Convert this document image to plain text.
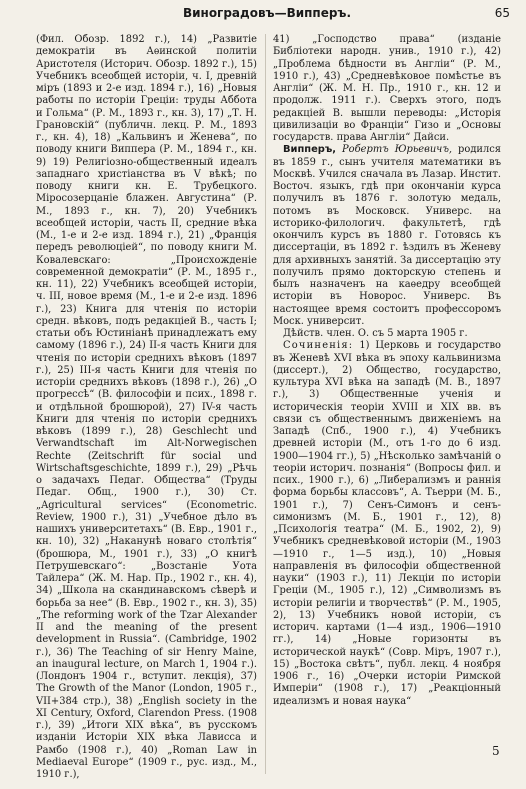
Виноградовъ—Випперъ.	65

(Фил. Обозр. 1892 г.), 14) „Развитiе демократiи въ Аѳинской политiи Аристотеля (Историч. Обозр. 1892 г.), 15) Учебникъ всеобщей исторiи, ч. I, древнiй мiръ (1893 и 2-е изд. 1894 г.), 16) „Новыя работы по исторiи Грецiи: труды Аббота и Гольма“ (Р. М., 1893 г., кн. 3), 17) „Т. Н. Грановскiй“ (публичн. лекц. Р. М., 1893 г., кн. 4), 18) „Кальвинъ и Женева“, по поводу книги Виппера (Р. М., 1894 г., кн. 9) 19) Религiозно-общественный идеалъ западнаго христiанства въ V вѣкѣ; по поводу книги кн. Е. Трубецкого. Мiросозерцанiе блажен. Августина“ (Р. М., 1893 г., кн. 7), 20) Учебникъ всеобщей исторiи, часть II, средние вѣка (М., 1-е и 2-е изд. 1894 г.), 21) „Франція передъ революцiей“, по поводу книги М. Ковалевскаго: „Происхожденiе современной демократiи“ (Р. М., 1895 г., кн. 11), 22) Учебникъ всеобщей исторiи, ч. III, новое время (М., 1-е и 2-е изд. 1896 г.), 23) Книга для чтенiя по исторiи средн. вѣковъ, подъ редакцiей В., часть I; статьи объ Юстинiанѣ принадлежатъ ему самому (1896 г.), 24) II-я часть Книги для чтенiя по исторiи среднихъ вѣковъ (1897 г.), 25) III-я часть Книги для чтенiя по исторiи среднихъ вѣковъ (1898 г.), 26) „О прогрессѣ“ (В. философiи и псих., 1898 г. и отдѣльной брошюрой), 27) IV-я часть Книги для чтенiя по исторiи среднихъ вѣковъ (1899 г.), 28) Geschlecht und Verwandtschaft im Alt-Norwegischen Rechte (Zeitschrift für social und Wirtschaftsgeschichte, 1899 г.), 29) „Рѣчь о задачахъ Педаг. Общества“ (Труды Педаг. Общ., 1900 г.), 30) Ст. „Agricultural services“ (Econometric. Review, 1900 г.), 31) „Учебное дѣло въ нашихъ университетахъ“ (В. Евр., 1901 г., кн. 10), 32) „Наканунѣ новаго столѣтiя“ (брошюра, М., 1901 г.), 33) „О книгѣ Петрушевскаго“: „Возстанiе Уота Тайлера“ (Ж. М. Нар. Пр., 1902 г., кн. 4), 34) „Школа на скандинавскомъ сѣверѣ и борьба за нее“ (В. Евр., 1902 г., кн. 3), 35) „The reforming work of the Tzar Alexander II and the meaning of the present development in Russia“. (Cambridge, 1902 г.), 36) The Teaching of sir Henry Maine, an inaugural lecture, on March 1, 1904 г.). (Лондонъ 1904 г., вступит. лекцiя), 37) The Growth of the Manor (London, 1905 г., VII+384 стр.), 38) „English society in the XI Century, Oxford, Clarendon Press. (1908 г.), 39) „Итоги XIX вѣка“, въ русскомъ изданiи Исторiи XIX вѣка Лависса и Рамбо (1908 г.), 40) „Roman Law in Mediaeval Europe“ (1909 г., рус. изд., М., 1910 г.),

41) „Господство права“ (изданiе Библiотеки народн. унив., 1910 г.), 42) „Проблема бѣдности въ Англiи“ (Р. М., 1910 г.), 43) „Средневѣковое помѣстье въ Англiи“ (Ж. М. Н. Пр., 1910 г., кн. 12 и продолж. 1911 г.). Сверхъ этого, подъ редакцiей В. вышли переводы: „Исторiя цивилизацiи во Францiи“ Гизо и „Основы государств. права Англiи“ Дайси.

Випперъ, Робертъ Юрьевичъ, родился въ 1859 г., сынъ учителя математики въ Москвѣ. Учился сначала въ Лазар. Инстит. Восточ. языкъ, гдѣ при окончанiи курса получилъ въ 1876 г. золотую медаль, потомъ въ Московск. Универс. на историко-филологич. факультетѣ, гдѣ окончилъ курсъ въ 1880 г. Готовясь къ диссертацiи, въ 1892 г. ѣздилъ въ Женеву для архивныхъ занятiй. За диссертацiю эту получилъ прямо докторскую степень и былъ назначенъ на каѳедру всеобщей исторiи въ Новорос. Универс. Въ настоящее время состоитъ профессоромъ Моск. университ.

Дѣйств. член. О. съ 5 марта 1905 г.

Сочиненiя: 1) Церковь и государство въ Женевѣ XVI вѣка въ эпоху кальвинизма (диссерт.), 2) Общество, государство, культура XVI вѣка на западѣ (М. В., 1897 г.), 3) Общественные ученiя и историческiя теорiи XVIII и XIX вв. въ связи съ общественнымъ движенiемъ на Западѣ (Спб., 1900 г.), 4) Учебникъ древней исторiи (М., отъ 1-го до 6 изд. 1900—1904 гг.), 5) „Нѣсколько замѣчанiй о теорiи историч. познанiя“ (Вопросы фил. и псих., 1900 г.), 6) „Либерализмъ и раннiя форма борьбы классовъ“, А. Тьерри (М. Б., 1901 г.), 7) Сенъ-Симонъ и сенъ-симонизмъ (М. Б., 1901 г., 12), 8) „Психологiя театра“ (М. Б., 1902, 2), 9) Учебникъ средневѣковой исторiи (М., 1903—1910 г., 1—5 изд.), 10) „Новыя направленiя въ философiи общественной науки“ (1903 г.), 11) Лекцiи по исторiи Грецiи (М., 1905 г.), 12) „Символизмъ въ исторiи религiи и творчествѣ“ (Р. М., 1905, 2), 13) Учебникъ новой исторiи, съ историч. картами (1—4 изд., 1906—1910 гг.), 14) „Новые горизонты въ исторической наукѣ“ (Совр. Мiръ, 1907 г.), 15) „Востока свѣтъ“, публ. лекц. 4 ноября 1906 г., 16) „Очерки исторiи Римской Имперiи“ (1908 г.), 17) „Реакцiонный идеализмъ и новая наука“

5
